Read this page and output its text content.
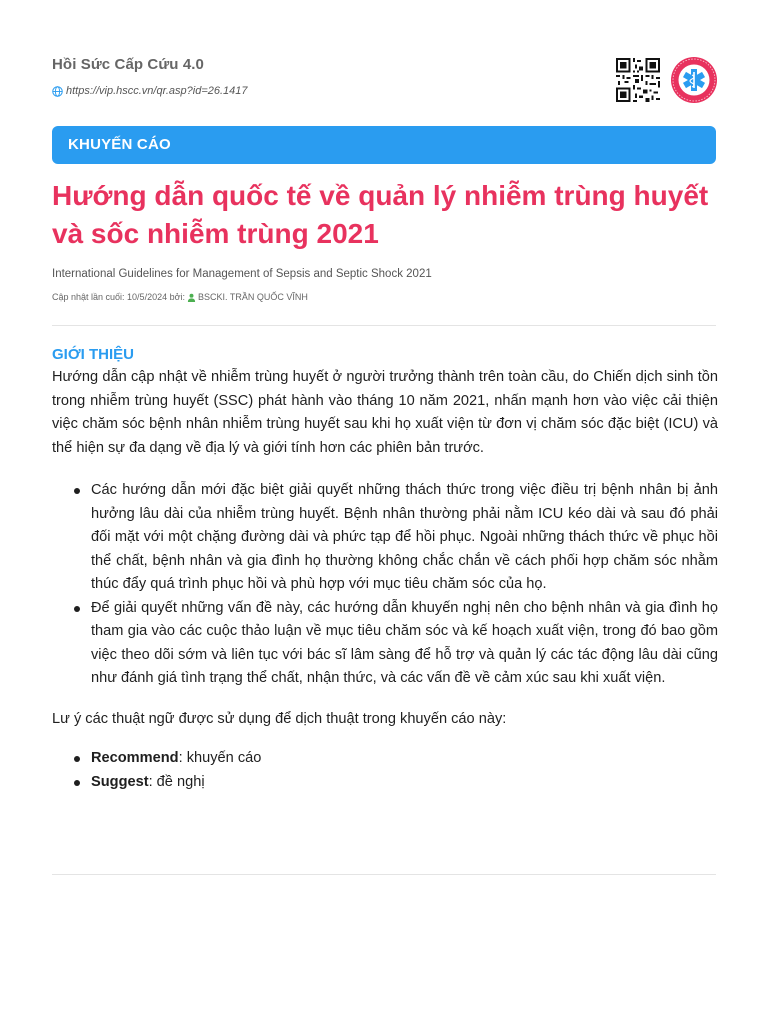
Hồi Sức Cấp Cứu 4.0
https://vip.hscc.vn/qr.asp?id=26.1417
KHUYẾN CÁO
Hướng dẫn quốc tế về quản lý nhiễm trùng huyết và sốc nhiễm trùng 2021
International Guidelines for Management of Sepsis and Septic Shock 2021
Cập nhật lần cuối: 10/5/2024 bởi: BSCKI. TRẦN QUỐC VĨNH
GIỚI THIỆU

Hướng dẫn cập nhật về nhiễm trùng huyết ở người trưởng thành trên toàn cầu, do Chiến dịch sinh tồn trong nhiễm trùng huyết (SSC) phát hành vào tháng 10 năm 2021, nhấn mạnh hơn vào việc cải thiện việc chăm sóc bệnh nhân nhiễm trùng huyết sau khi họ xuất viện từ đơn vị chăm sóc đặc biệt (ICU) và thể hiện sự đa dạng về địa lý và giới tính hơn các phiên bản trước.

Các hướng dẫn mới đặc biệt giải quyết những thách thức trong việc điều trị bệnh nhân bị ảnh hưởng lâu dài của nhiễm trùng huyết. Bệnh nhân thường phải nằm ICU kéo dài và sau đó phải đối mặt với một chặng đường dài và phức tạp để hồi phục. Ngoài những thách thức về phục hồi thể chất, bệnh nhân và gia đình họ thường không chắc chắn về cách phối hợp chăm sóc nhằm thúc đẩy quá trình phục hồi và phù hợp với mục tiêu chăm sóc của họ.
Để giải quyết những vấn đề này, các hướng dẫn khuyến nghị nên cho bệnh nhân và gia đình họ tham gia vào các cuộc thảo luận về mục tiêu chăm sóc và kế hoạch xuất viện, trong đó bao gồm việc theo dõi sớm và liên tục với bác sĩ lâm sàng để hỗ trợ và quản lý các tác động lâu dài cũng như đánh giá tình trạng thể chất, nhận thức, và các vấn đề về cảm xúc sau khi xuất viện.

Lư ý các thuật ngữ được sử dụng để dịch thuật trong khuyến cáo này:

Recommend: khuyến cáo
Suggest: đề nghị
